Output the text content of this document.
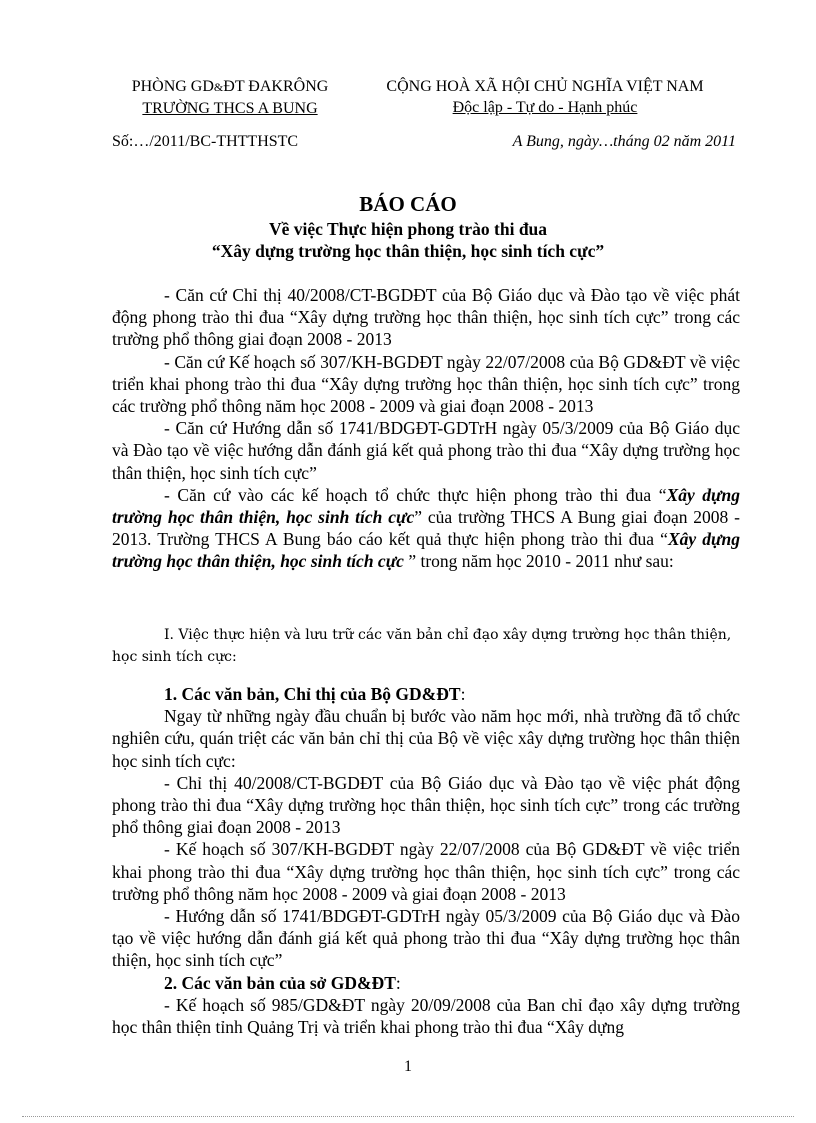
PHÒNG GD&ĐT ĐAKRÔNG
TRƯỜNG THCS A BUNG
CỘNG HOÀ XÃ HỘI CHỦ NGHĨA VIỆT NAM
Độc lập - Tự do - Hạnh phúc
Số:…/2011/BC-THTTHSTC	A Bung, ngày…tháng 02 năm 2011
BÁO CÁO
Về việc Thực hiện phong trào thi đua
“Xây dựng trường học thân thiện, học sinh tích cực”

- Căn cứ Chỉ thị 40/2008/CT-BGDĐT của Bộ Giáo dục và Đào tạo về việc phát động phong trào thi đua “Xây dựng trường học thân thiện, học sinh tích cực” trong các trường phổ thông giai đoạn 2008 - 2013

- Căn cứ Kế hoạch số 307/KH-BGDĐT ngày 22/07/2008 của Bộ GD&ĐT về việc triển khai phong trào thi đua “Xây dựng trường học thân thiện, học sinh tích cực” trong các trường phổ thông năm học 2008 - 2009 và giai đoạn 2008 - 2013

- Căn cứ Hướng dẫn số 1741/BDGĐT-GDTrH ngày 05/3/2009 của Bộ Giáo dục và Đào tạo về việc hướng dẫn đánh giá kết quả phong trào thi đua “Xây dựng trường học thân thiện, học sinh tích cực”

- Căn cứ vào các kế hoạch tổ chức thực hiện phong trào thi đua “Xây dựng trường học thân thiện, học sinh tích cực” của trường THCS A Bung giai đoạn 2008 - 2013. Trường THCS A Bung báo cáo kết quả thực hiện phong trào thi đua “Xây dựng trường học thân thiện, học sinh tích cực ” trong năm học 2010 - 2011 như sau:

I. Việc thực hiện và lưu trữ các văn bản chỉ đạo xây dựng trường học thân thiện, học sinh tích cực:

1. Các văn bản, Chỉ thị của Bộ GD&ĐT:

Ngay từ những ngày đầu chuẩn bị bước vào năm học mới, nhà trường đã tổ chức nghiên cứu, quán triệt các văn bản chỉ thị của Bộ về việc xây dựng trường học thân thiện học sinh tích cực:

- Chỉ thị 40/2008/CT-BGDĐT của Bộ Giáo dục và Đào tạo về việc phát động phong trào thi đua “Xây dựng trường học thân thiện, học sinh tích cực” trong các trường phổ thông giai đoạn 2008 - 2013

- Kế hoạch số 307/KH-BGDĐT ngày 22/07/2008 của Bộ GD&ĐT về việc triển khai phong trào thi đua “Xây dựng trường học thân thiện, học sinh tích cực” trong các trường phổ thông năm học 2008 - 2009 và giai đoạn 2008 - 2013

- Hướng dẫn số 1741/BDGĐT-GDTrH ngày 05/3/2009 của Bộ Giáo dục và Đào tạo về việc hướng dẫn đánh giá kết quả phong trào thi đua “Xây dựng trường học thân thiện, học sinh tích cực”

2. Các văn bản của sở GD&ĐT:

- Kế hoạch số 985/GD&ĐT ngày 20/09/2008 của Ban chỉ đạo xây dựng trường học thân thiện tỉnh Quảng Trị và triển khai phong trào thi đua “Xây dựng

1
